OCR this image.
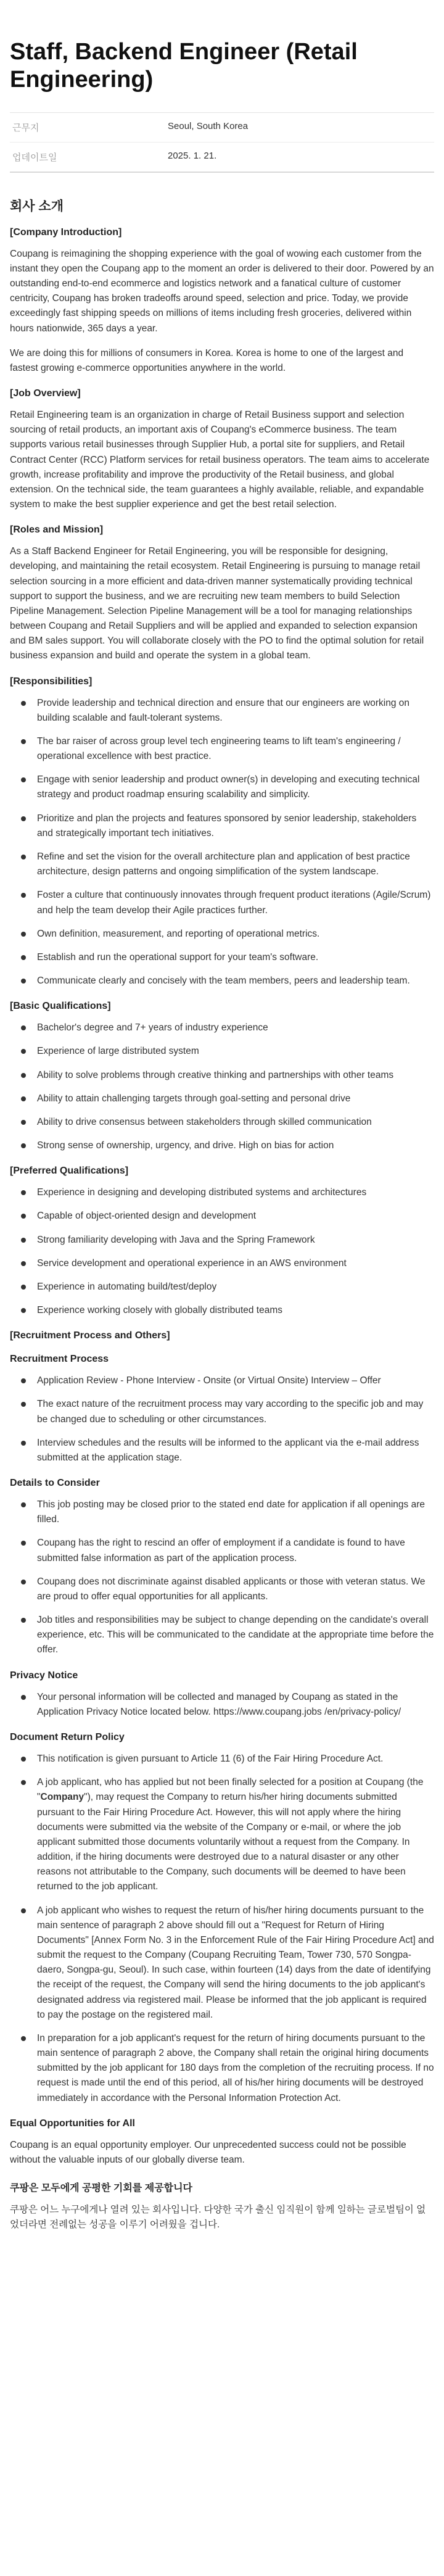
Staff, Backend Engineer (Retail Engineering)
근무지	Seoul, South Korea
업데이트일	2025. 1. 21.
회사 소개
[Company Introduction]

Coupang is reimagining the shopping experience with the goal of wowing each customer from the instant they open the Coupang app to the moment an order is delivered to their door. Powered by an outstanding end-to-end ecommerce and logistics network and a fanatical culture of customer centricity, Coupang has broken tradeoffs around speed, selection and price. Today, we provide exceedingly fast shipping speeds on millions of items including fresh groceries, delivered within hours nationwide, 365 days a year.

We are doing this for millions of consumers in Korea. Korea is home to one of the largest and fastest growing e-commerce opportunities anywhere in the world.

[Job Overview]

Retail Engineering team is an organization in charge of Retail Business support and selection sourcing of retail products, an important axis of Coupang's eCommerce business. The team supports various retail businesses through Supplier Hub, a portal site for suppliers, and Retail Contract Center (RCC) Platform services for retail business operators. The team aims to accelerate growth, increase profitability and improve the productivity of the Retail business, and global extension. On the technical side, the team guarantees a highly available, reliable, and expandable system to make the best supplier experience and get the best retail selection.

[Roles and Mission]

As a Staff Backend Engineer for Retail Engineering, you will be responsible for designing, developing, and maintaining the retail ecosystem. Retail Engineering is pursuing to manage retail selection sourcing in a more efficient and data-driven manner systematically providing technical support to support the business, and we are recruiting new team members to build Selection Pipeline Management. Selection Pipeline Management will be a tool for managing relationships between Coupang and Retail Suppliers and will be applied and expanded to selection expansion and BM sales support. You will collaborate closely with the PO to find the optimal solution for retail business expansion and build and operate the system in a global team.

[Responsibilities]
Provide leadership and technical direction and ensure that our engineers are working on building scalable and fault-tolerant systems.
The bar raiser of across group level tech engineering teams to lift team's engineering / operational excellence with best practice.
Engage with senior leadership and product owner(s) in developing and executing technical strategy and product roadmap ensuring scalability and simplicity.
Prioritize and plan the projects and features sponsored by senior leadership, stakeholders and strategically important tech initiatives.
Refine and set the vision for the overall architecture plan and application of best practice architecture, design patterns and ongoing simplification of the system landscape.
Foster a culture that continuously innovates through frequent product iterations (Agile/Scrum) and help the team develop their Agile practices further.
Own definition, measurement, and reporting of operational metrics.
Establish and run the operational support for your team's software.
Communicate clearly and concisely with the team members, peers and leadership team.
[Basic Qualifications]
Bachelor's degree and 7+ years of industry experience
Experience of large distributed system
Ability to solve problems through creative thinking and partnerships with other teams
Ability to attain challenging targets through goal-setting and personal drive
Ability to drive consensus between stakeholders through skilled communication
Strong sense of ownership, urgency, and drive. High on bias for action
[Preferred Qualifications]
Experience in designing and developing distributed systems and architectures
Capable of object-oriented design and development
Strong familiarity developing with Java and the Spring Framework
Service development and operational experience in an AWS environment
Experience in automating build/test/deploy
Experience working closely with globally distributed teams
[Recruitment Process and Others]
Recruitment Process
Application Review - Phone Interview - Onsite (or Virtual Onsite) Interview – Offer
The exact nature of the recruitment process may vary according to the specific job and may be changed due to scheduling or other circumstances.
Interview schedules and the results will be informed to the applicant via the e-mail address submitted at the application stage.
Details to Consider
This job posting may be closed prior to the stated end date for application if all openings are filled.
Coupang has the right to rescind an offer of employment if a candidate is found to have submitted false information as part of the application process.
Coupang does not discriminate against disabled applicants or those with veteran status. We are proud to offer equal opportunities for all applicants.
Job titles and responsibilities may be subject to change depending on the candidate's overall experience, etc. This will be communicated to the candidate at the appropriate time before the offer.
Privacy Notice
Your personal information will be collected and managed by Coupang as stated in the Application Privacy Notice located below. https://www.coupang.jobs /en/privacy-policy/
Document Return Policy
This notification is given pursuant to Article 11 (6) of the Fair Hiring Procedure Act.
A job applicant, who has applied but not been finally selected for a position at Coupang (the "Company"), may request the Company to return his/her hiring documents submitted pursuant to the Fair Hiring Procedure Act. However, this will not apply where the hiring documents were submitted via the website of the Company or e-mail, or where the job applicant submitted those documents voluntarily without a request from the Company. In addition, if the hiring documents were destroyed due to a natural disaster or any other reasons not attributable to the Company, such documents will be deemed to have been returned to the job applicant.
A job applicant who wishes to request the return of his/her hiring documents pursuant to the main sentence of paragraph 2 above should fill out a "Request for Return of Hiring Documents" [Annex Form No. 3 in the Enforcement Rule of the Fair Hiring Procedure Act] and submit the request to the Company (Coupang Recruiting Team, Tower 730, 570 Songpa-daero, Songpa-gu, Seoul). In such case, within fourteen (14) days from the date of identifying the receipt of the request, the Company will send the hiring documents to the job applicant's designated address via registered mail. Please be informed that the job applicant is required to pay the postage on the registered mail.
In preparation for a job applicant's request for the return of hiring documents pursuant to the main sentence of paragraph 2 above, the Company shall retain the original hiring documents submitted by the job applicant for 180 days from the completion of the recruiting process. If no request is made until the end of this period, all of his/her hiring documents will be destroyed immediately in accordance with the Personal Information Protection Act.
Equal Opportunities for All

Coupang is an equal opportunity employer. Our unprecedented success could not be possible without the valuable inputs of our globally diverse team.

쿠팡은 모두에게 공평한 기회를 제공합니다

쿠팡은 어느 누구에게나 열려 있는 회사입니다. 다양한 국가 출신 임직원이 함께 일하는 글로벌팀이 없었더라면 전례없는 성공을 이루기 어려웠을 겁니다.
